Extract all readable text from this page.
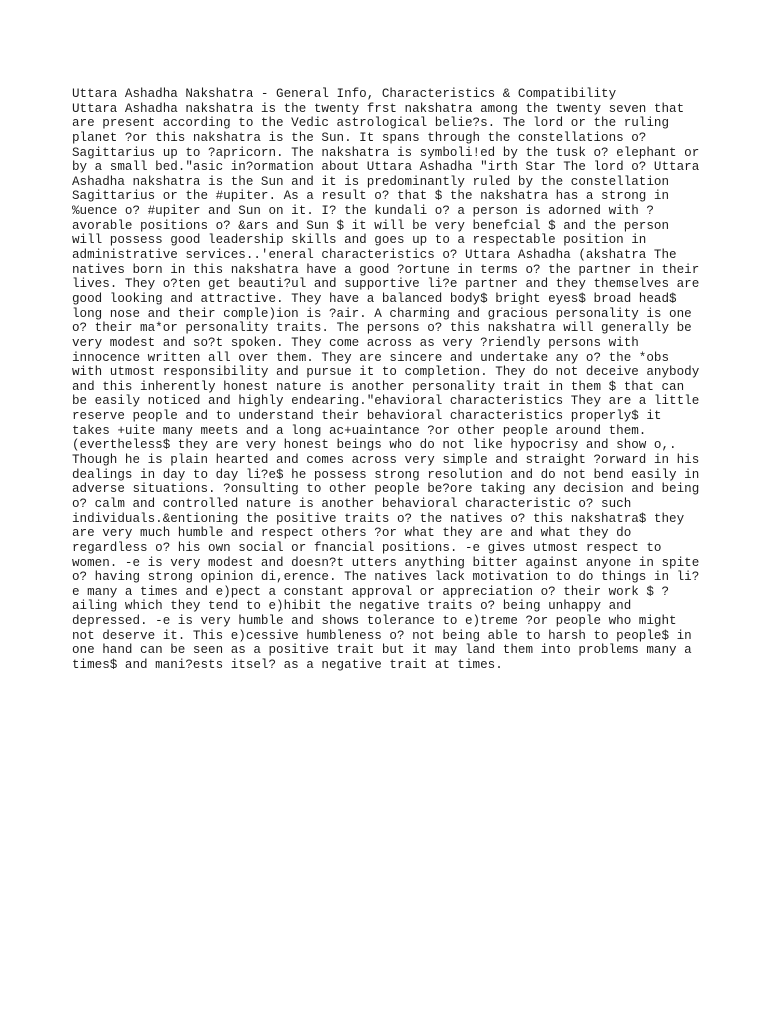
Uttara Ashadha Nakshatra - General Info, Characteristics & Compatibility
Uttara Ashadha nakshatra is the twenty frst nakshatra among the twenty seven that
are present according to the Vedic astrological belie?s. The lord or the ruling
planet ?or this nakshatra is the Sun. It spans through the constellations o?
Sagittarius up to ?apricorn. The nakshatra is symboli!ed by the tusk o? elephant or
by a small bed."asic in?ormation about Uttara Ashadha "irth Star The lord o? Uttara
Ashadha nakshatra is the Sun and it is predominantly ruled by the constellation
Sagittarius or the #upiter. As a result o? that $ the nakshatra has a strong in
%uence o? #upiter and Sun on it. I? the kundali o? a person is adorned with ?
avorable positions o? &ars and Sun $ it will be very benefcial $ and the person
will possess good leadership skills and goes up to a respectable position in
administrative services..'eneral characteristics o? Uttara Ashadha (akshatra The
natives born in this nakshatra have a good ?ortune in terms o? the partner in their
lives. They o?ten get beauti?ul and supportive li?e partner and they themselves are
good looking and attractive. They have a balanced body$ bright eyes$ broad head$
long nose and their comple)ion is ?air. A charming and gracious personality is one
o? their ma*or personality traits. The persons o? this nakshatra will generally be
very modest and so?t spoken. They come across as very ?riendly persons with
innocence written all over them. They are sincere and undertake any o? the *obs
with utmost responsibility and pursue it to completion. They do not deceive anybody
and this inherently honest nature is another personality trait in them $ that can
be easily noticed and highly endearing."ehavioral characteristics They are a little
reserve people and to understand their behavioral characteristics properly$ it
takes +uite many meets and a long ac+uaintance ?or other people around them.
(evertheless$ they are very honest beings who do not like hypocrisy and show o,.
Though he is plain hearted and comes across very simple and straight ?orward in his
dealings in day to day li?e$ he possess strong resolution and do not bend easily in
adverse situations. ?onsulting to other people be?ore taking any decision and being
o? calm and controlled nature is another behavioral characteristic o? such
individuals.&entioning the positive traits o? the natives o? this nakshatra$ they
are very much humble and respect others ?or what they are and what they do
regardless o? his own social or fnancial positions. -e gives utmost respect to
women. -e is very modest and doesn?t utters anything bitter against anyone in spite
o? having strong opinion di,erence. The natives lack motivation to do things in li?
e many a times and e)pect a constant approval or appreciation o? their work $ ?
ailing which they tend to e)hibit the negative traits o? being unhappy and
depressed. -e is very humble and shows tolerance to e)treme ?or people who might
not deserve it. This e)cessive humbleness o? not being able to harsh to people$ in
one hand can be seen as a positive trait but it may land them into problems many a
times$ and mani?ests itsel? as a negative trait at times.
